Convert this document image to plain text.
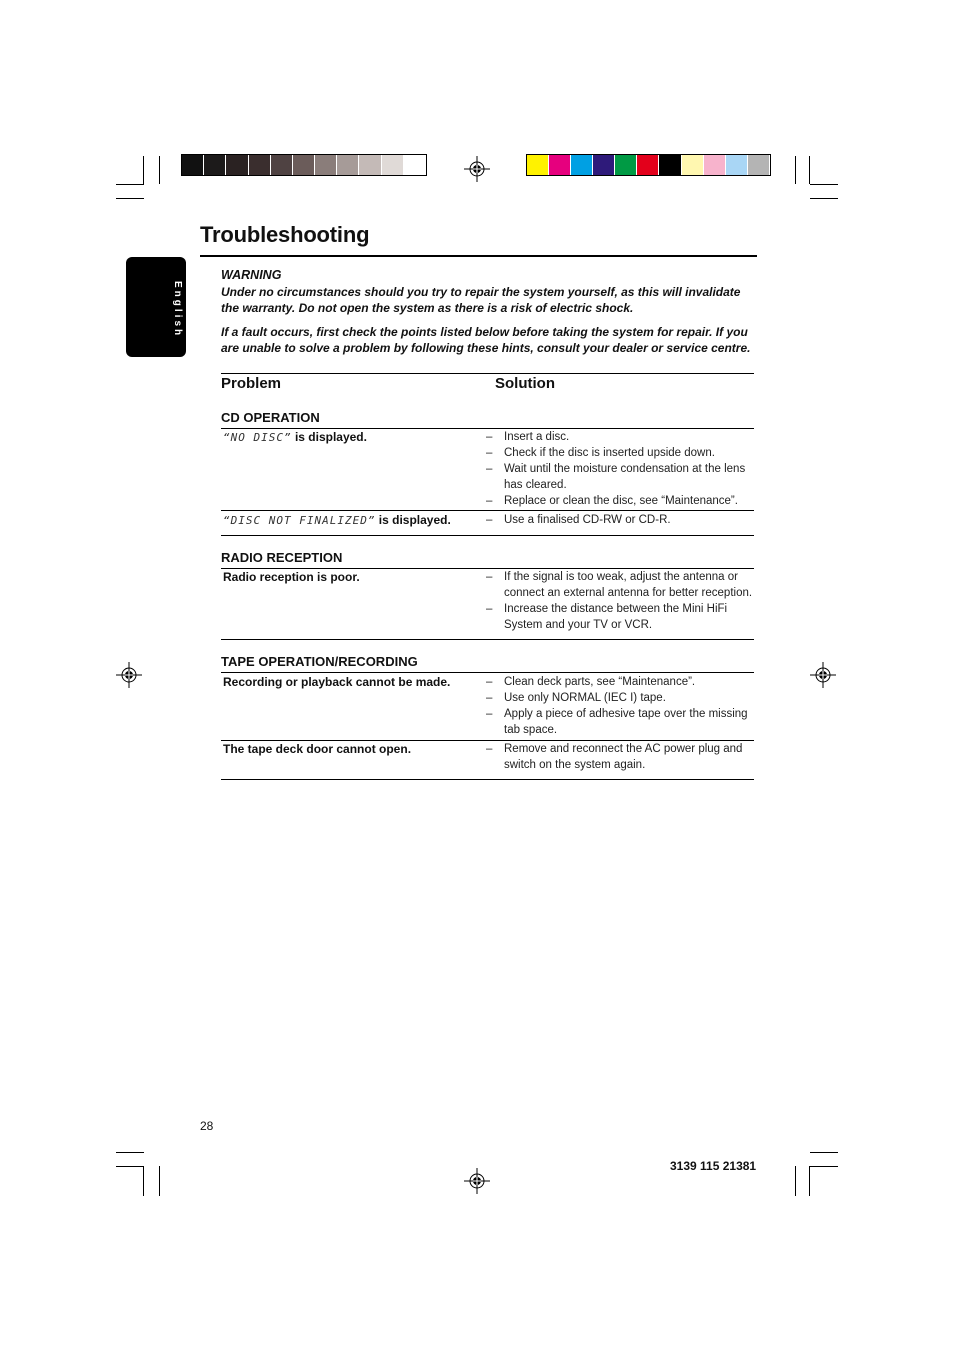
English
Troubleshooting
WARNING

Under no circumstances should you try to repair the system yourself, as this will invalidate the warranty. Do not open the system as there is a risk of electric shock.

If a fault occurs, first check the points listed below before taking the system for repair. If you are unable to solve a problem by following these hints, consult your dealer or service centre.

Problem	Solution
CD OPERATION
“NO DISC” is displayed.	–	Insert a disc.
–	Check if the disc is inserted upside down.
–	Wait until the moisture condensation at the lens has cleared.
–	Replace or clean the disc, see “Maintenance”.
“DISC NOT FINALIZED” is displayed.	–	Use a finalised CD-RW or CD-R.
RADIO RECEPTION
Radio reception is poor.	–	If the signal is too weak, adjust the antenna or connect an external antenna for better reception.
–	Increase the distance between the Mini HiFi System and your TV or VCR.
TAPE OPERATION/RECORDING
Recording or playback cannot be made.	–	Clean deck parts, see “Maintenance”.
–	Use only NORMAL (IEC I) tape.
–	Apply a piece of adhesive tape over the missing tab space.
The tape deck door cannot open.	–	Remove and reconnect the AC power plug and switch on the system again.
28
3139 115 21381
